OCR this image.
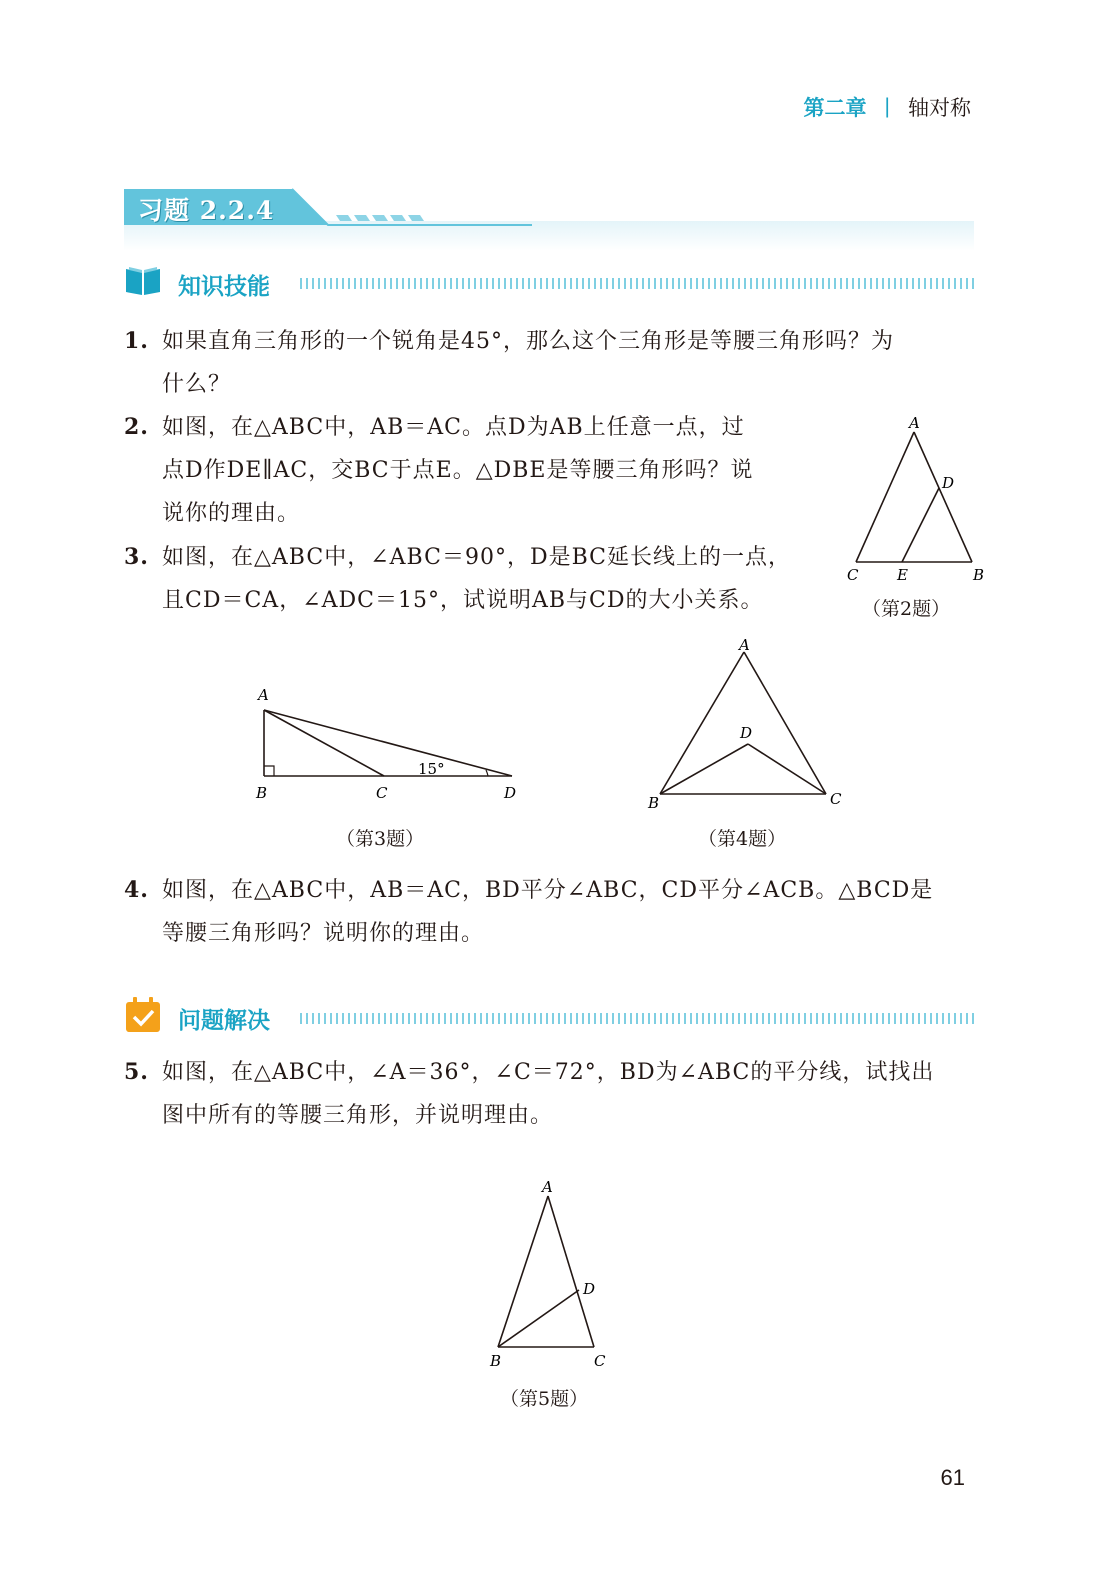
第二章 | 轴对称
习题 2.2.4
知识技能
1. 如果直角三角形的一个锐角是45°，那么这个三角形是等腰三角形吗？为
什么？
2. 如图，在△ABC中，AB＝AC。点D为AB上任意一点，过
点D作DE∥AC，交BC于点E。△DBE是等腰三角形吗？说
说你的理由。
A
D
C	E	B
（第2题）
3. 如图，在△ABC中，∠ABC＝90°，D是BC延长线上的一点，
且CD＝CA，∠ADC＝15°，试说明AB与CD的大小关系。
A
B	C	D
15°
（第3题）
A
D
B	C
（第4题）
4. 如图，在△ABC中，AB＝AC，BD平分∠ABC，CD平分∠ACB。△BCD是
等腰三角形吗？说明你的理由。
问题解决
5. 如图，在△ABC中，∠A＝36°，∠C＝72°，BD为∠ABC的平分线，试找出
图中所有的等腰三角形，并说明理由。
A
D
B	C
（第5题）
61
